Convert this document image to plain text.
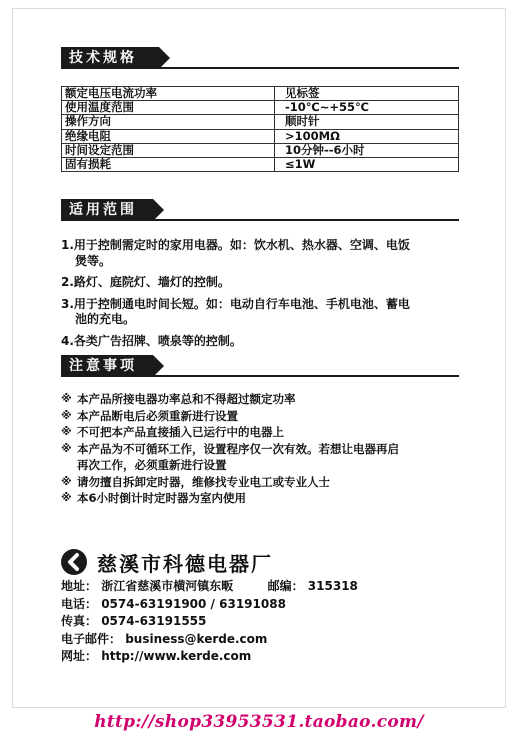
技术规格
额定电压电流功率	见标签
使用温度范围	-10℃~+55℃
操作方向	顺时针
绝缘电阻	>100MΩ
时间设定范围	10分钟--6小时
固有损耗	≤1W
适用范围
1.用于控制需定时的家用电器。如：饮水机、热水器、空调、电饭
煲等。
2.路灯、庭院灯、墙灯的控制。
3.用于控制通电时间长短。如：电动自行车电池、手机电池、蓄电
池的充电。
4.各类广告招牌、喷泉等的控制。
注意事项
※ 本产品所接电器功率总和不得超过额定功率
※ 本产品断电后必须重新进行设置
※ 不可把本产品直接插入已运行中的电器上
※ 本产品为不可循环工作，设置程序仅一次有效。若想让电器再启
再次工作，必须重新进行设置
※ 请勿擅自拆卸定时器，维修找专业电工或专业人士
※ 本6小时倒计时定时器为室内使用
慈溪市科德电器厂
地址： 浙江省慈溪市横河镇东畈	邮编： 315318
电话： 0574-63191900 / 63191088
传真： 0574-63191555
电子邮件： business@kerde.com
网址： http://www.kerde.com
http://shop33953531.taobao.com/
